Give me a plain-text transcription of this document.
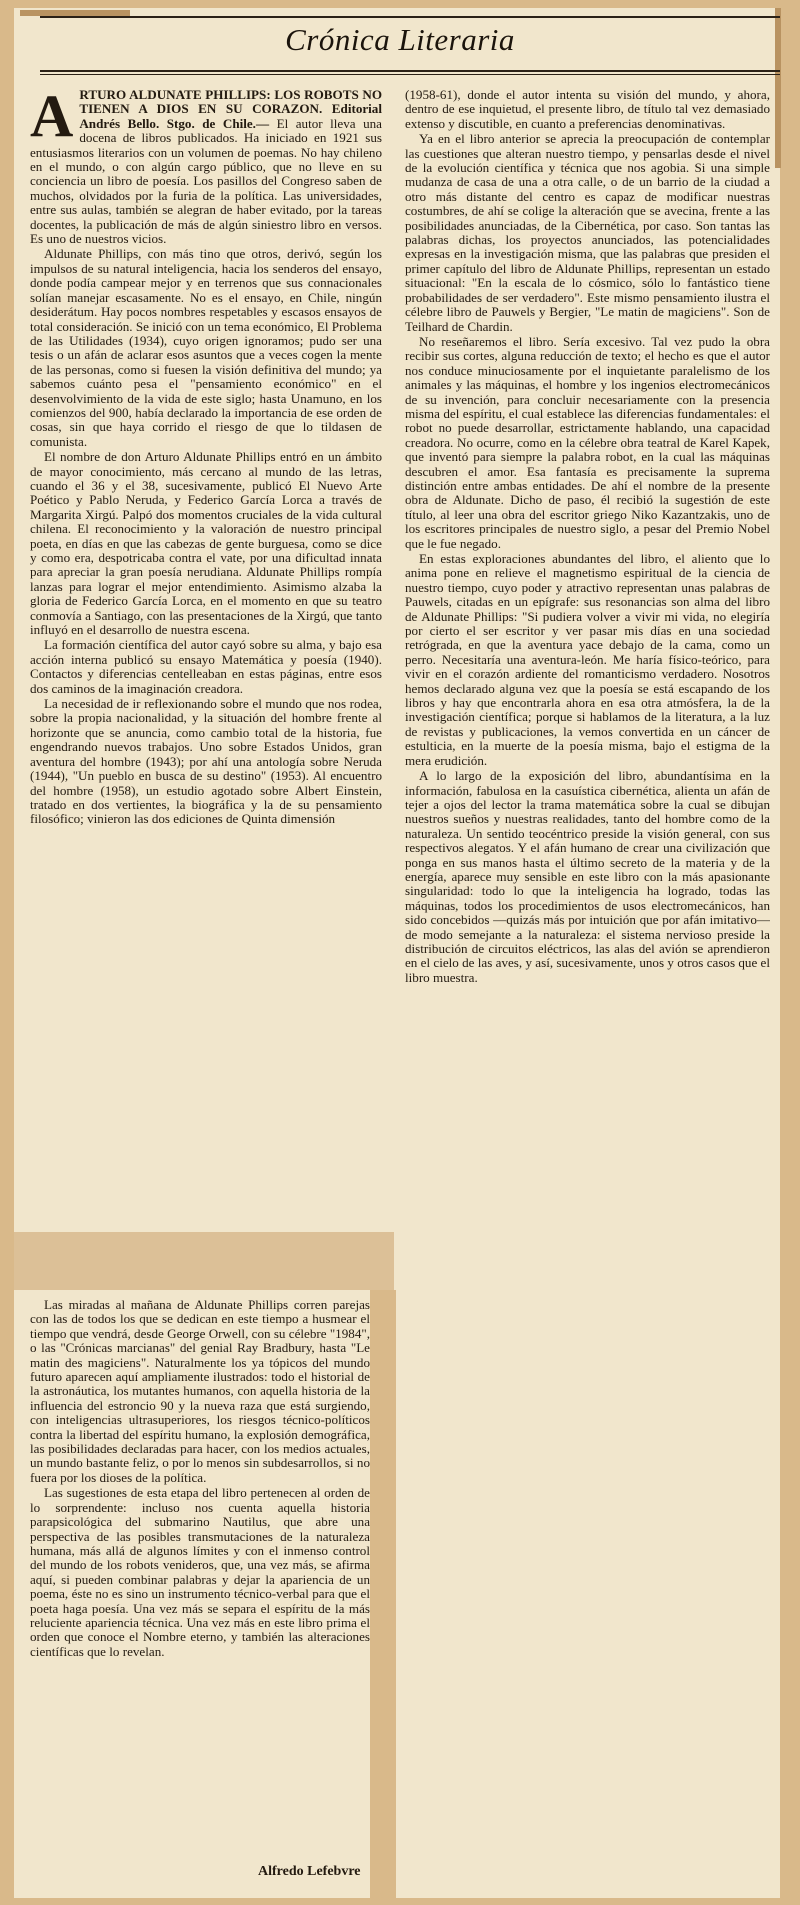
Crónica Literaria

A RTURO ALDUNATE PHILLIPS: LOS ROBOTS NO TIENEN A DIOS EN SU CORAZON. Editorial Andrés Bello. Stgo. de Chile.— El autor lleva una docena de libros publicados. Ha iniciado en 1921 sus entusiasmos literarios con un volumen de poemas. No hay chileno en el mundo, o con algún cargo público, que no lleve en su conciencia un libro de poesía. Los pasillos del Congreso saben de muchos, olvidados por la furia de la política. Las universidades, entre sus aulas, también se alegran de haber evitado, por la tareas docentes, la publicación de más de algún siniestro libro en versos. Es uno de nuestros vicios.

Aldunate Phillips, con más tino que otros, derivó, según los impulsos de su natural inteligencia, hacia los senderos del ensayo, donde podía campear mejor y en terrenos que sus connacionales solían manejar escasamente. No es el ensayo, en Chile, ningún desiderátum. Hay pocos nombres respetables y escasos ensayos de total consideración. Se inició con un tema económico, El Problema de las Utilidades (1934), cuyo origen ignoramos; pudo ser una tesis o un afán de aclarar esos asuntos que a veces cogen la mente de las personas, como si fuesen la visión definitiva del mundo; ya sabemos cuánto pesa el "pensamiento económico" en el desenvolvimiento de la vida de este siglo; hasta Unamuno, en los comienzos del 900, había declarado la importancia de ese orden de cosas, sin que haya corrido el riesgo de que lo tildasen de comunista.

El nombre de don Arturo Aldunate Phillips entró en un ámbito de mayor conocimiento, más cercano al mundo de las letras, cuando el 36 y el 38, sucesivamente, publicó El Nuevo Arte Poético y Pablo Neruda, y Federico García Lorca a través de Margarita Xirgú. Palpó dos momentos cruciales de la vida cultural chilena. El reconocimiento y la valoración de nuestro principal poeta, en días en que las cabezas de gente burguesa, como se dice y como era, despotricaba contra el vate, por una dificultad innata para apreciar la gran poesía nerudiana. Aldunate Phillips rompía lanzas para lograr el mejor entendimiento. Asimismo alzaba la gloria de Federico García Lorca, en el momento en que su teatro conmovía a Santiago, con las presentaciones de la Xirgú, que tanto influyó en el desarrollo de nuestra escena.

La formación científica del autor cayó sobre su alma, y bajo esa acción interna publicó su ensayo Matemática y poesía (1940). Contactos y diferencias centelleaban en estas páginas, entre esos dos caminos de la imaginación creadora.

La necesidad de ir reflexionando sobre el mundo que nos rodea, sobre la propia nacionalidad, y la situación del hombre frente al horizonte que se anuncia, como cambio total de la historia, fue engendrando nuevos trabajos. Uno sobre Estados Unidos, gran aventura del hombre (1943); por ahí una antología sobre Neruda (1944), "Un pueblo en busca de su destino" (1953). Al encuentro del hombre (1958), un estudio agotado sobre Albert Einstein, tratado en dos vertientes, la biográfica y la de su pensamiento filosófico; vinieron las dos ediciones de Quinta dimensión

(1958-61), donde el autor intenta su visión del mundo, y ahora, dentro de ese inquietud, el presente libro, de título tal vez demasiado extenso y discutible, en cuanto a preferencias denominativas.

Ya en el libro anterior se aprecia la preocupación de contemplar las cuestiones que alteran nuestro tiempo, y pensarlas desde el nivel de la evolución científica y técnica que nos agobia. Si una simple mudanza de casa de una a otra calle, o de un barrio de la ciudad a otro más distante del centro es capaz de modificar nuestras costumbres, de ahí se colige la alteración que se avecina, frente a las posibilidades anunciadas, de la Cibernética, por caso. Son tantas las palabras dichas, los proyectos anunciados, las potencialidades expresas en la investigación misma, que las palabras que presiden el primer capítulo del libro de Aldunate Phillips, representan un estado situacional: "En la escala de lo cósmico, sólo lo fantástico tiene probabilidades de ser verdadero". Este mismo pensamiento ilustra el célebre libro de Pauwels y Bergier, "Le matin de magiciens". Son de Teilhard de Chardin.

No reseñaremos el libro. Sería excesivo. Tal vez pudo la obra recibir sus cortes, alguna reducción de texto; el hecho es que el autor nos conduce minuciosamente por el inquietante paralelismo de los animales y las máquinas, el hombre y los ingenios electromecánicos de su invención, para concluir necesariamente con la presencia misma del espíritu, el cual establece las diferencias fundamentales: el robot no puede desarrollar, estrictamente hablando, una capacidad creadora. No ocurre, como en la célebre obra teatral de Karel Kapek, que inventó para siempre la palabra robot, en la cual las máquinas descubren el amor. Esa fantasía es precisamente la suprema distinción entre ambas entidades. De ahí el nombre de la presente obra de Aldunate. Dicho de paso, él recibió la sugestión de este título, al leer una obra del escritor griego Niko Kazantzakis, uno de los escritores principales de nuestro siglo, a pesar del Premio Nobel que le fue negado.

En estas exploraciones abundantes del libro, el aliento que lo anima pone en relieve el magnetismo espiritual de la ciencia de nuestro tiempo, cuyo poder y atractivo representan unas palabras de Pauwels, citadas en un epígrafe: sus resonancias son alma del libro de Aldunate Phillips: "Si pudiera volver a vivir mi vida, no elegiría por cierto el ser escritor y ver pasar mis días en una sociedad retrógrada, en que la aventura yace debajo de la cama, como un perro. Necesitaría una aventura-león. Me haría físico-teórico, para vivir en el corazón ardiente del romanticismo verdadero. Nosotros hemos declarado alguna vez que la poesía se está escapando de los libros y hay que encontrarla ahora en esa otra atmósfera, la de la investigación científica; porque si hablamos de la literatura, a la luz de revistas y publicaciones, la vemos convertida en un cáncer de estulticia, en la muerte de la poesía misma, bajo el estigma de la mera erudición.

A lo largo de la exposición del libro, abundantísima en la información, fabulosa en la casuística cibernética, alienta un afán de tejer a ojos del lector la trama matemática sobre la cual se dibujan nuestros sueños y nuestras realidades, tanto del hombre como de la naturaleza. Un sentido teocéntrico preside la visión general, con sus respectivos alegatos. Y el afán humano de crear una civilización que ponga en sus manos hasta el último secreto de la materia y de la energía, aparece muy sensible en este libro con la más apasionante singularidad: todo lo que la inteligencia ha logrado, todas las máquinas, todos los procedimientos de usos electromecánicos, han sido concebidos —quizás más por intuición que por afán imitativo— de modo semejante a la naturaleza: el sistema nervioso preside la distribución de circuitos eléctricos, las alas del avión se aprendieron en el cielo de las aves, y así, sucesivamente, unos y otros casos que el libro muestra.

Las miradas al mañana de Aldunate Phillips corren parejas con las de todos los que se dedican en este tiempo a husmear el tiempo que vendrá, desde George Orwell, con su célebre "1984", o las "Crónicas marcianas" del genial Ray Bradbury, hasta "Le matin des magiciens". Naturalmente los ya tópicos del mundo futuro aparecen aquí ampliamente ilustrados: todo el historial de la astronáutica, los mutantes humanos, con aquella historia de la influencia del estroncio 90 y la nueva raza que está surgiendo, con inteligencias ultrasuperiores, los riesgos técnico-políticos contra la libertad del espíritu humano, la explosión demográfica, las posibilidades declaradas para hacer, con los medios actuales, un mundo bastante feliz, o por lo menos sin subdesarrollos, si no fuera por los dioses de la política.

Las sugestiones de esta etapa del libro pertenecen al orden de lo sorprendente: incluso nos cuenta aquella historia parapsicológica del submarino Nautilus, que abre una perspectiva de las posibles transmutaciones de la naturaleza humana, más allá de algunos límites y con el inmenso control del mundo de los robots venideros, que, una vez más, se afirma aquí, si pueden combinar palabras y dejar la apariencia de un poema, éste no es sino un instrumento técnico-verbal para que el poeta haga poesía. Una vez más se separa el espíritu de la más reluciente apariencia técnica. Una vez más en este libro prima el orden que conoce el Nombre eterno, y también las alteraciones científicas que lo revelan.

Alfredo Lefebvre
